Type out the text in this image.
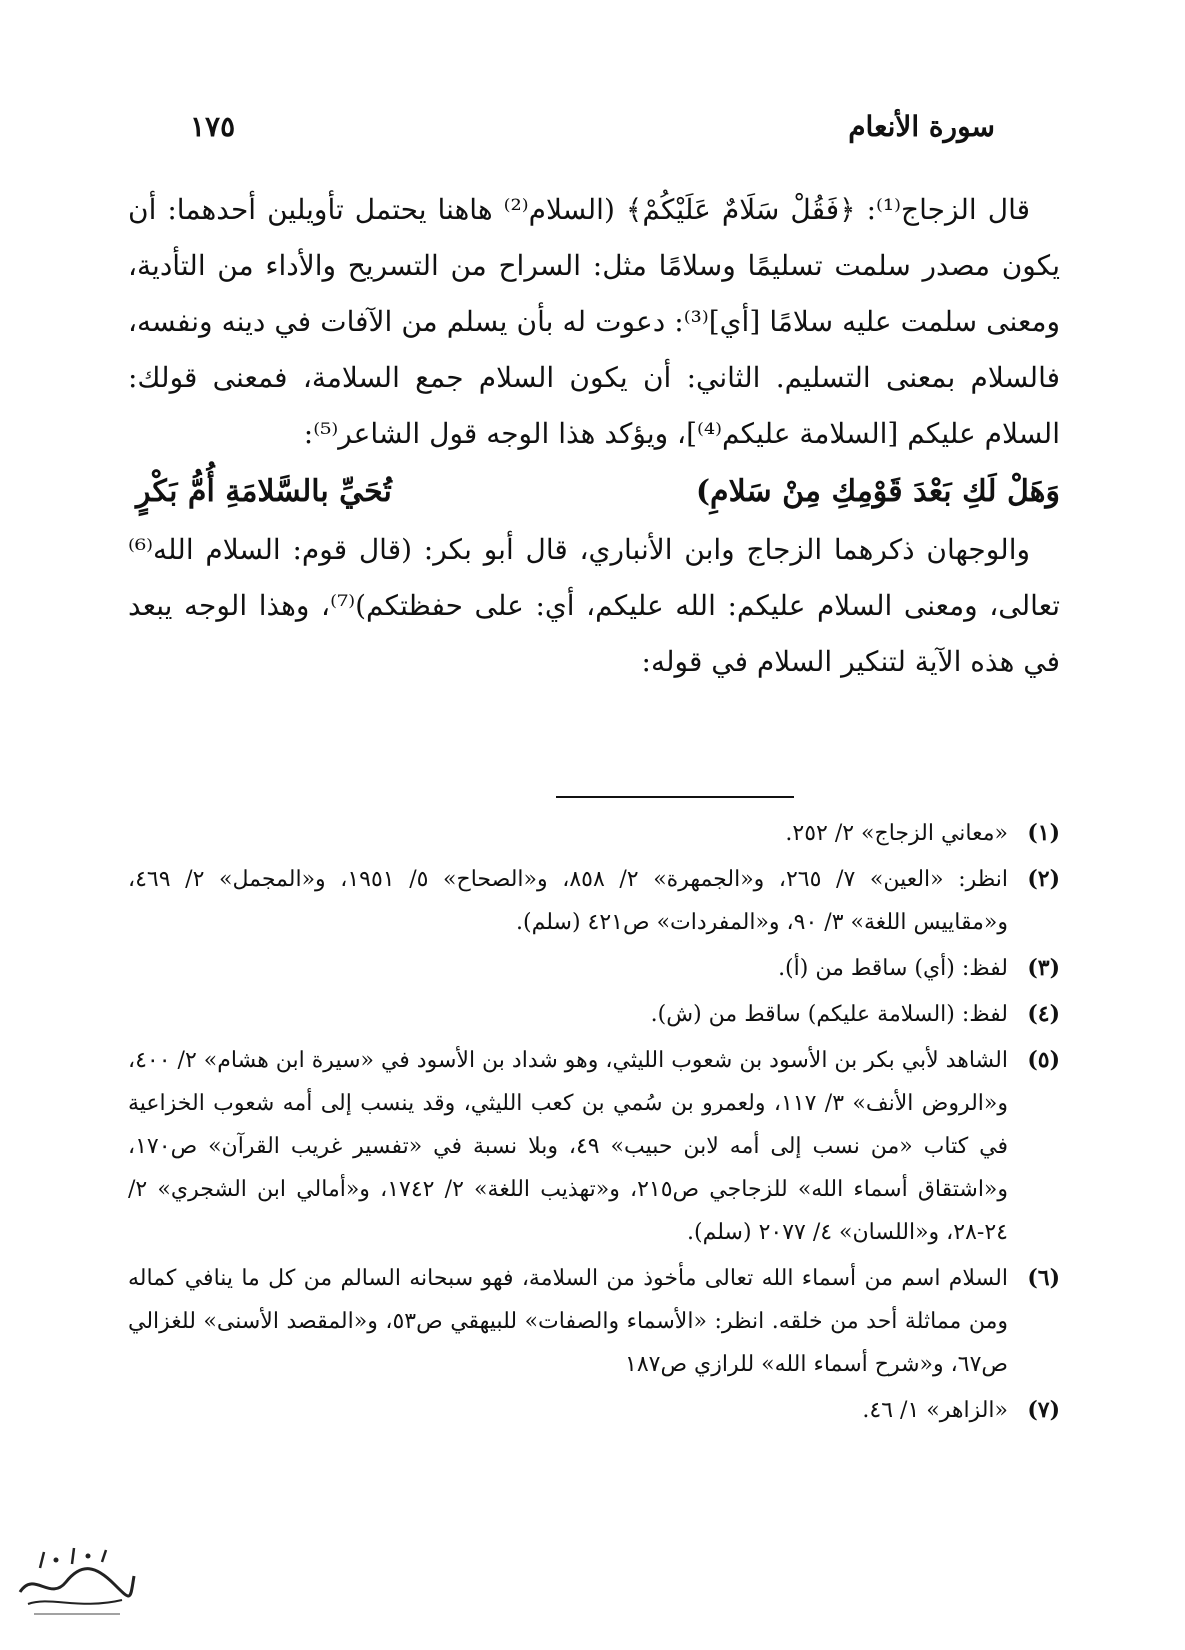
سورة الأنعام
١٧٥

قال الزجاج⁽¹⁾: ﴿فَقُلْ سَلَامٌ عَلَيْكُمْ﴾ (السلام⁽²⁾ هاهنا يحتمل تأويلين أحدهما: أن يكون مصدر سلمت تسليمًا وسلامًا مثل: السراح من التسريح والأداء من التأدية، ومعنى سلمت عليه سلامًا [أي]⁽³⁾: دعوت له بأن يسلم من الآفات في دينه ونفسه، فالسلام بمعنى التسليم. الثاني: أن يكون السلام جمع السلامة، فمعنى قولك: السلام عليكم [السلامة عليكم⁽⁴⁾]، ويؤكد هذا الوجه قول الشاعر⁽⁵⁾:

تُحَيِّ بالسَّلامَةِ أُمُّ بَكْرٍ	وَهَلْ لَكِ بَعْدَ قَوْمِكِ مِنْ سَلامِ)

والوجهان ذكرهما الزجاج وابن الأنباري، قال أبو بكر: (قال قوم: السلام الله⁽⁶⁾ تعالى، ومعنى السلام عليكم: الله عليكم، أي: على حفظتكم)⁽⁷⁾، وهذا الوجه يبعد في هذه الآية لتنكير السلام في قوله:

(١)
«معاني الزجاج» ٢/ ٢٥٢.
(٢)
انظر: «العين» ٧/ ٢٦٥، و«الجمهرة» ٢/ ٨٥٨، و«الصحاح» ٥/ ١٩٥١، و«المجمل» ٢/ ٤٦٩، و«مقاييس اللغة» ٣/ ٩٠، و«المفردات» ص٤٢١ (سلم).
(٣)
لفظ: (أي) ساقط من (أ).
(٤)
لفظ: (السلامة عليكم) ساقط من (ش).
(٥)
الشاهد لأبي بكر بن الأسود بن شعوب الليثي، وهو شداد بن الأسود في «سيرة ابن هشام» ٢/ ٤٠٠، و«الروض الأنف» ٣/ ١١٧، ولعمرو بن سُمي بن كعب الليثي، وقد ينسب إلى أمه شعوب الخزاعية في كتاب «من نسب إلى أمه لابن حبيب» ٤٩، وبلا نسبة في «تفسير غريب القرآن» ص١٧٠، و«اشتقاق أسماء الله» للزجاجي ص٢١٥، و«تهذيب اللغة» ٢/ ١٧٤٢، و«أمالي ابن الشجري» ٢/ ٢٤-٢٨، و«اللسان» ٤/ ٢٠٧٧ (سلم).
(٦)
السلام اسم من أسماء الله تعالى مأخوذ من السلامة، فهو سبحانه السالم من كل ما ينافي كماله ومن مماثلة أحد من خلقه. انظر: «الأسماء والصفات» للبيهقي ص٥٣، و«المقصد الأسنى» للغزالي ص٦٧، و«شرح أسماء الله» للرازي ص١٨٧
(٧)
«الزاهر» ١/ ٤٦.
